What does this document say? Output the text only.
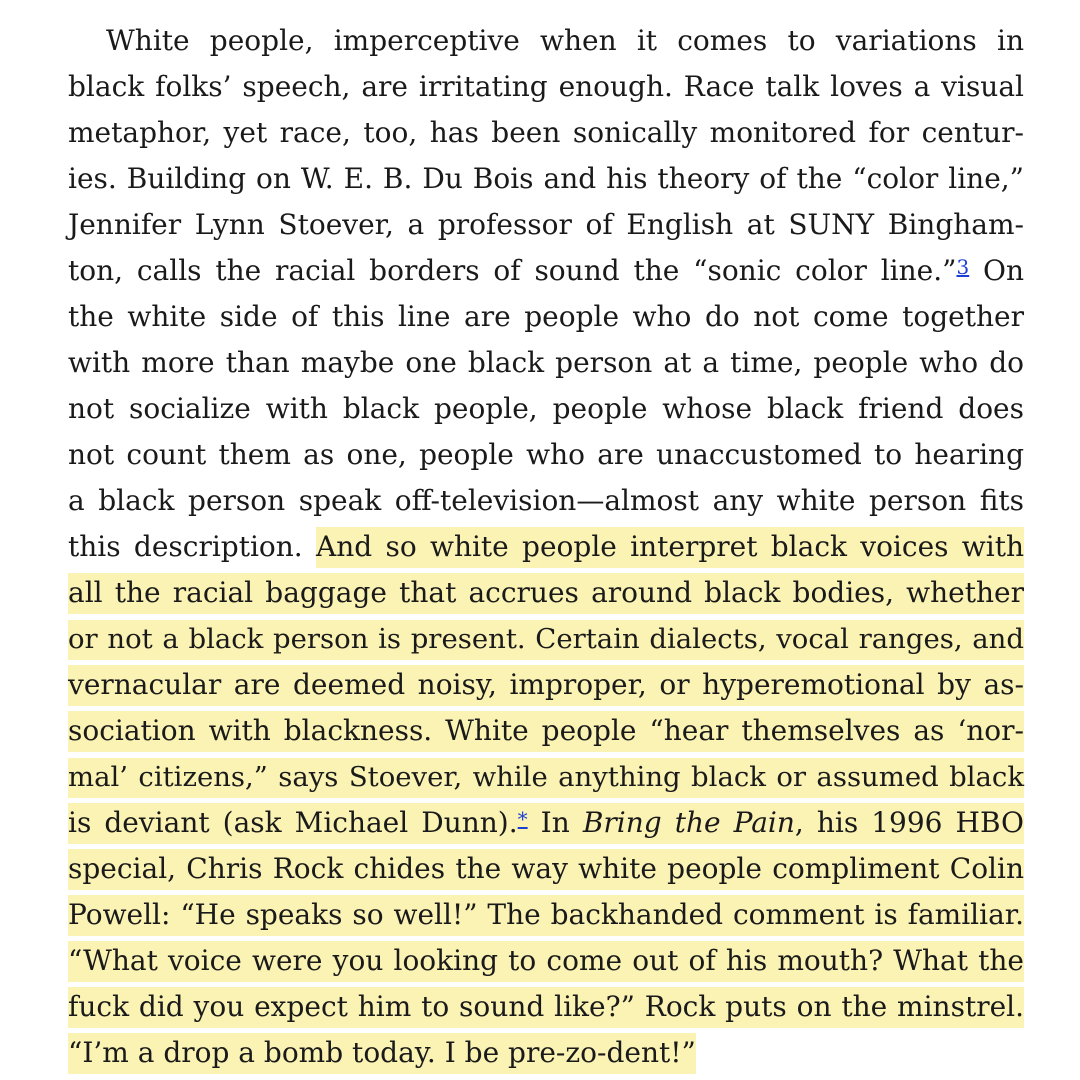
White people, imperceptive when it comes to variations in
black folks’ speech, are irritating enough. Race talk loves a visual
metaphor, yet race, too, has been sonically monitored for centur-
ies. Building on W. E. B. Du Bois and his theory of the “color line,”
Jennifer Lynn Stoever, a professor of English at SUNY Bingham-
ton, calls the racial borders of sound the “sonic color line.”$^3$ On
the white side of this line are people who do not come together
with more than maybe one black person at a time, people who do
not socialize with black people, people whose black friend does
not count them as one, people who are unaccustomed to hearing
a black person speak off-television—almost any white person fits
this description. And so white people interpret black voices with
all the racial baggage that accrues around black bodies, whether
or not a black person is present. Certain dialects, vocal ranges, and
vernacular are deemed noisy, improper, or hyperemotional by as-
sociation with blackness. White people “hear themselves as ‘nor-
mal’ citizens,” says Stoever, while anything black or assumed black
is deviant (ask Michael Dunn).* In Bring the Pain, his 1996 HBO
special, Chris Rock chides the way white people compliment Colin
Powell: “He speaks so well!” The backhanded comment is familiar.
“What voice were you looking to come out of his mouth? What the
fuck did you expect him to sound like?” Rock puts on the minstrel.
“I’m a drop a bomb today. I be pre-zo-dent!”
